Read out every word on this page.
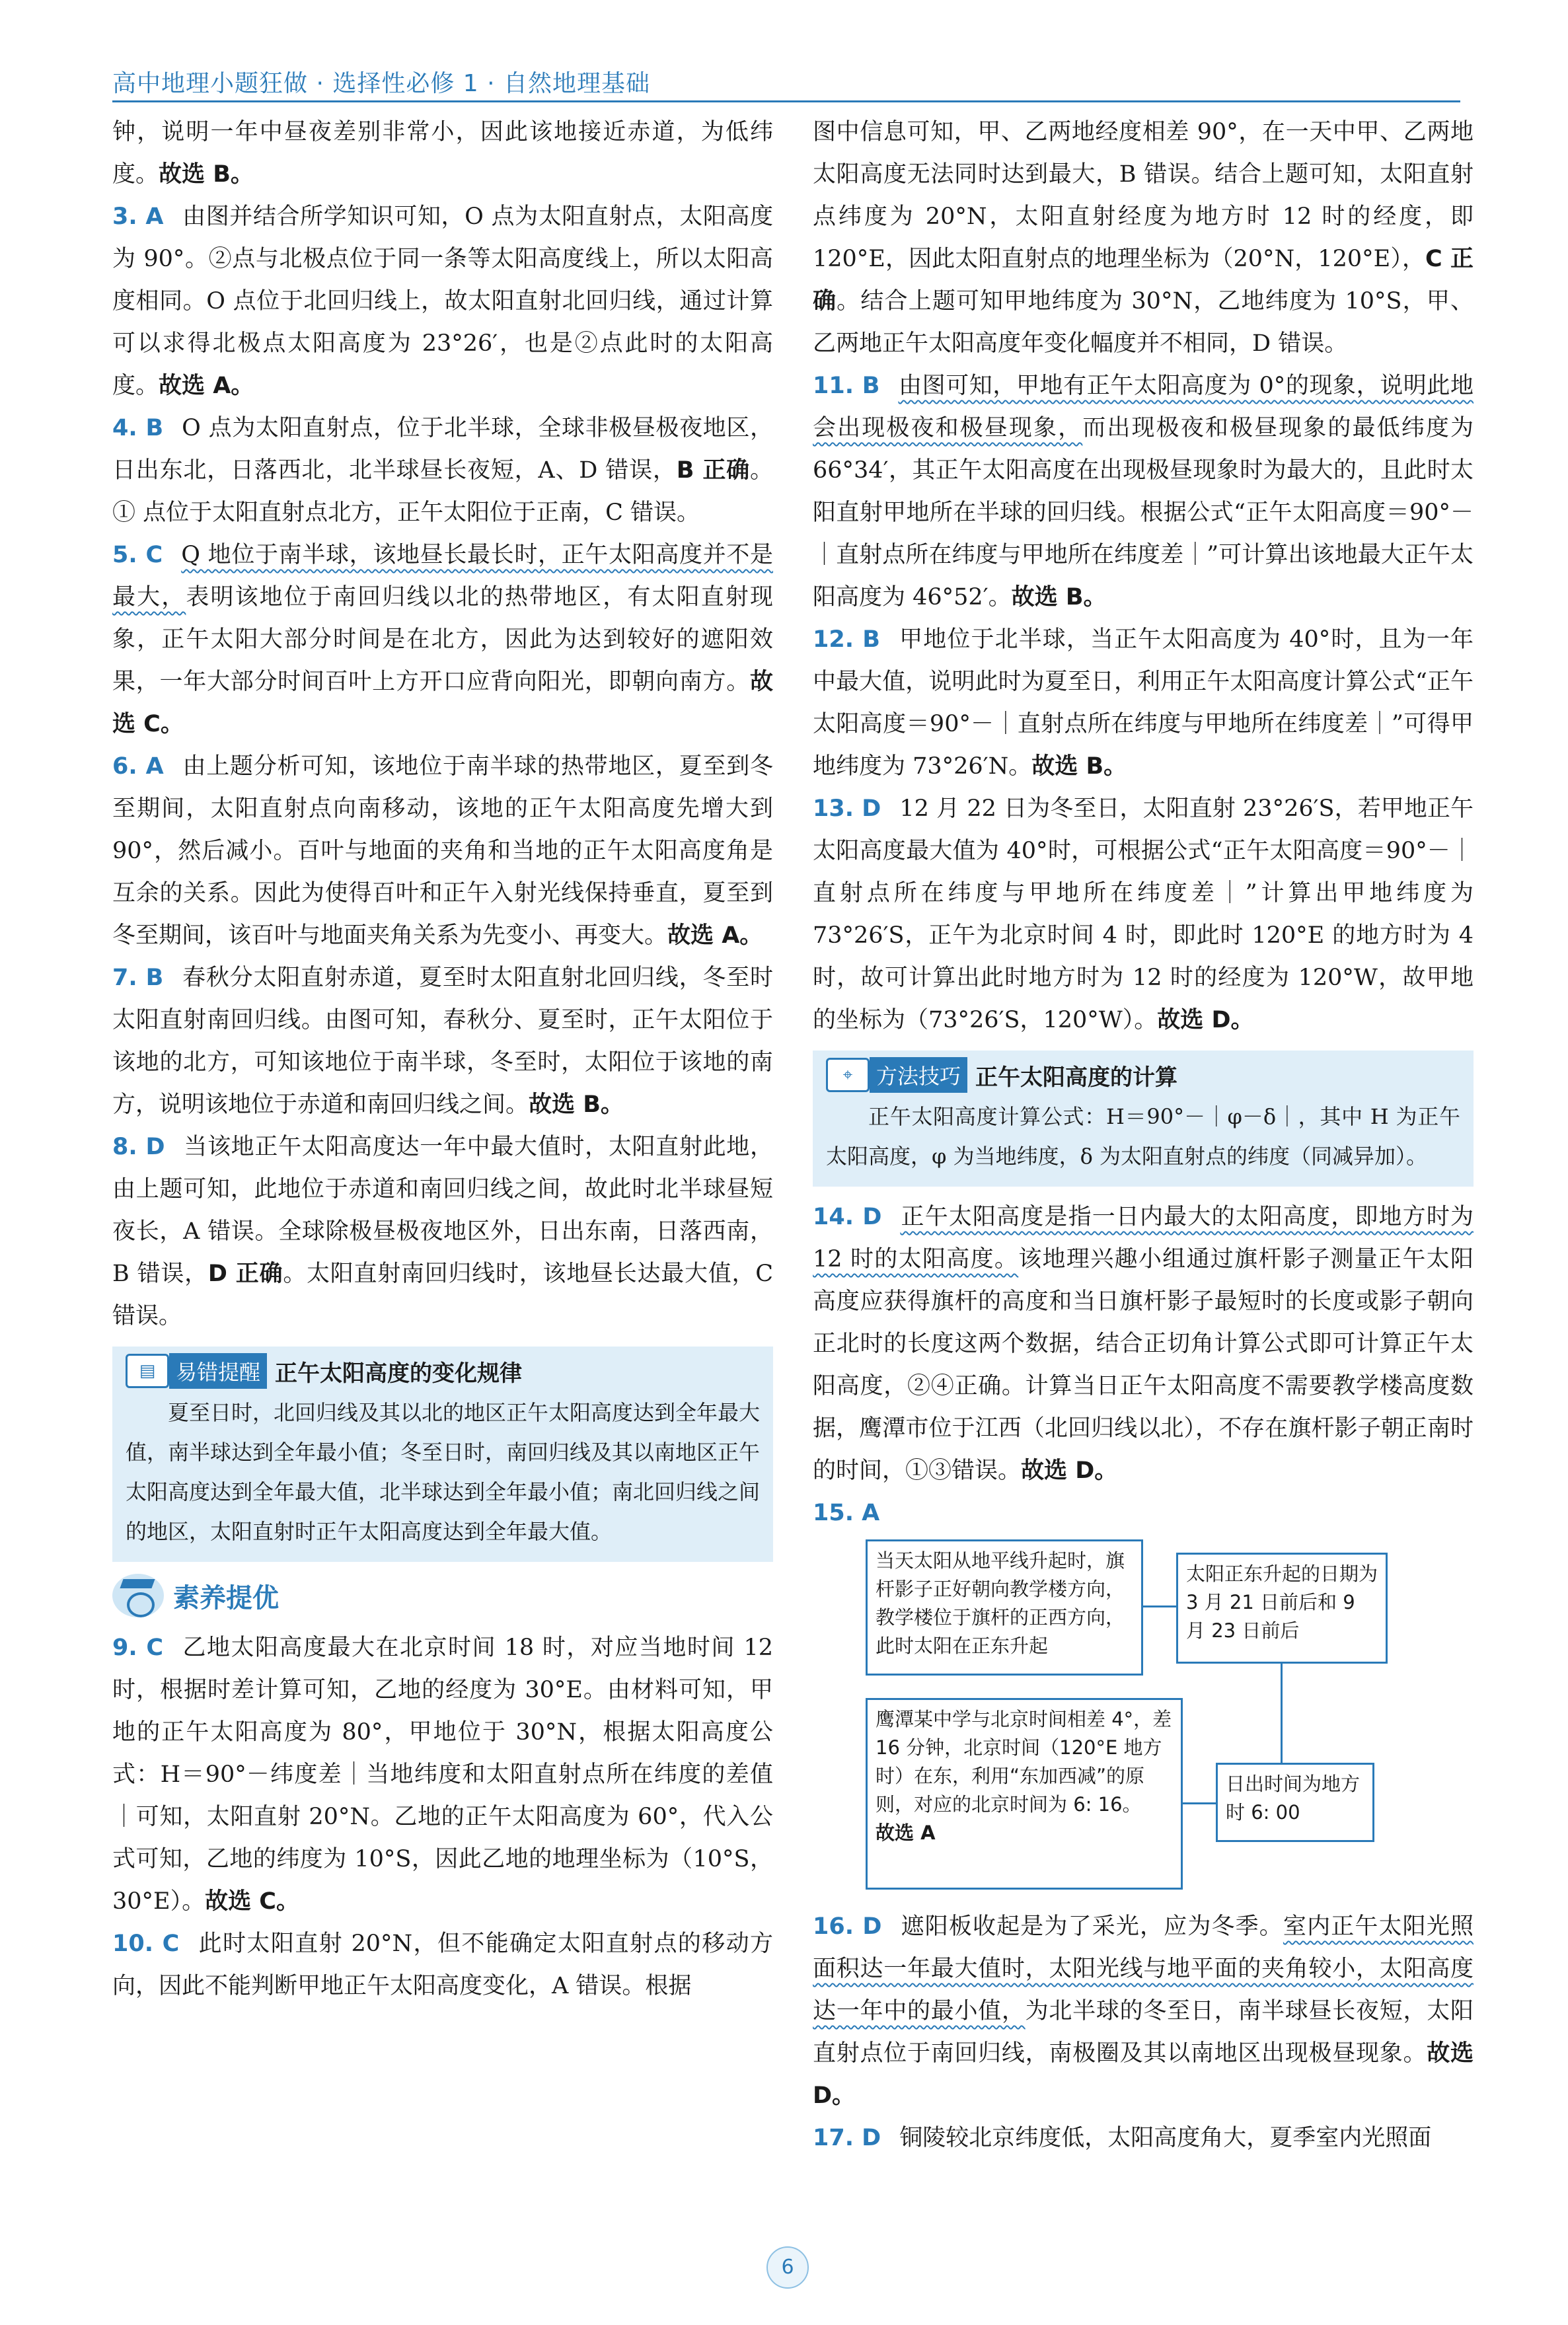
高中地理小题狂做 · 选择性必修 1 · 自然地理基础

钟，说明一年中昼夜差别非常小，因此该地接近赤道，为低纬度。故选 B。

3. A 由图并结合所学知识可知，O 点为太阳直射点，太阳高度为 90°。②点与北极点位于同一条等太阳高度线上，所以太阳高度相同。O 点位于北回归线上，故太阳直射北回归线，通过计算可以求得北极点太阳高度为 23°26′，也是②点此时的太阳高度。故选 A。

4. B O 点为太阳直射点，位于北半球，全球非极昼极夜地区，日出东北，日落西北，北半球昼长夜短，A、D 错误，B 正确。① 点位于太阳直射点北方，正午太阳位于正南，C 错误。

5. C Q 地位于南半球，该地昼长最长时，正午太阳高度并不是最大，表明该地位于南回归线以北的热带地区，有太阳直射现象，正午太阳大部分时间是在北方，因此为达到较好的遮阳效果，一年大部分时间百叶上方开口应背向阳光，即朝向南方。故选 C。

6. A 由上题分析可知，该地位于南半球的热带地区，夏至到冬至期间，太阳直射点向南移动，该地的正午太阳高度先增大到 90°，然后减小。百叶与地面的夹角和当地的正午太阳高度角是互余的关系。因此为使得百叶和正午入射光线保持垂直，夏至到冬至期间，该百叶与地面夹角关系为先变小、再变大。故选 A。

7. B 春秋分太阳直射赤道，夏至时太阳直射北回归线，冬至时太阳直射南回归线。由图可知，春秋分、夏至时，正午太阳位于该地的北方，可知该地位于南半球，冬至时，太阳位于该地的南方，说明该地位于赤道和南回归线之间。故选 B。

8. D 当该地正午太阳高度达一年中最大值时，太阳直射此地，由上题可知，此地位于赤道和南回归线之间，故此时北半球昼短夜长，A 错误。全球除极昼极夜地区外，日出东南，日落西南，B 错误，D 正确。太阳直射南回归线时，该地昼长达最大值，C 错误。

▤ 易错提醒 正午太阳高度的变化规律
夏至日时，北回归线及其以北的地区正午太阳高度达到全年最大值，南半球达到全年最小值；冬至日时，南回归线及其以南地区正午太阳高度达到全年最大值，北半球达到全年最小值；南北回归线之间的地区，太阳直射时正午太阳高度达到全年最大值。
素养提优

9. C 乙地太阳高度最大在北京时间 18 时，对应当地时间 12 时，根据时差计算可知，乙地的经度为 30°E。由材料可知，甲地的正午太阳高度为 80°，甲地位于 30°N，根据太阳高度公式：H＝90°－纬度差｜当地纬度和太阳直射点所在纬度的差值｜可知，太阳直射 20°N。乙地的正午太阳高度为 60°，代入公式可知，乙地的纬度为 10°S，因此乙地的地理坐标为（10°S，30°E）。故选 C。

10. C 此时太阳直射 20°N，但不能确定太阳直射点的移动方向，因此不能判断甲地正午太阳高度变化，A 错误。根据

图中信息可知，甲、乙两地经度相差 90°，在一天中甲、乙两地太阳高度无法同时达到最大，B 错误。结合上题可知，太阳直射点纬度为 20°N，太阳直射经度为地方时 12 时的经度，即 120°E，因此太阳直射点的地理坐标为（20°N，120°E），C 正确。结合上题可知甲地纬度为 30°N，乙地纬度为 10°S，甲、乙两地正午太阳高度年变化幅度并不相同，D 错误。

11. B 由图可知，甲地有正午太阳高度为 0°的现象，说明此地会出现极夜和极昼现象，而出现极夜和极昼现象的最低纬度为 66°34′，其正午太阳高度在出现极昼现象时为最大的，且此时太阳直射甲地所在半球的回归线。根据公式“正午太阳高度＝90°－｜直射点所在纬度与甲地所在纬度差｜”可计算出该地最大正午太阳高度为 46°52′。故选 B。

12. B 甲地位于北半球，当正午太阳高度为 40°时，且为一年中最大值，说明此时为夏至日，利用正午太阳高度计算公式“正午太阳高度＝90°－｜直射点所在纬度与甲地所在纬度差｜”可得甲地纬度为 73°26′N。故选 B。

13. D 12 月 22 日为冬至日，太阳直射 23°26′S，若甲地正午太阳高度最大值为 40°时，可根据公式“正午太阳高度＝90°－｜直射点所在纬度与甲地所在纬度差｜”计算出甲地纬度为 73°26′S，正午为北京时间 4 时，即此时 120°E 的地方时为 4 时，故可计算出此时地方时为 12 时的经度为 120°W，故甲地的坐标为（73°26′S，120°W）。故选 D。

⌖	方法技巧 正午太阳高度的计算
正午太阳高度计算公式：H＝90°－｜φ－δ｜，其中 H 为正午太阳高度，φ 为当地纬度，δ 为太阳直射点的纬度（同减异加）。

14. D 正午太阳高度是指一日内最大的太阳高度，即地方时为 12 时的太阳高度。该地理兴趣小组通过旗杆影子测量正午太阳高度应获得旗杆的高度和当日旗杆影子最短时的长度或影子朝向正北时的长度这两个数据，结合正切角计算公式即可计算正午太阳高度，②④正确。计算当日正午太阳高度不需要教学楼高度数据，鹰潭市位于江西（北回归线以北），不存在旗杆影子朝正南时的时间，①③错误。故选 D。

15. A

当天太阳从地平线升起时，旗杆影子正好朝向教学楼方向，教学楼位于旗杆的正西方向，此时太阳在正东升起
太阳正东升起的日期为 3 月 21 日前后和 9 月 23 日前后
日出时间为地方时 6: 00
鹰潭某中学与北京时间相差 4°，差 16 分钟，北京时间（120°E 地方时）在东，利用“东加西减”的原则，对应的北京时间为 6: 16。
故选 A

16. D 遮阳板收起是为了采光，应为冬季。室内正午太阳光照面积达一年最大值时，太阳光线与地平面的夹角较小，太阳高度达一年中的最小值，为北半球的冬至日，南半球昼长夜短，太阳直射点位于南回归线，南极圈及其以南地区出现极昼现象。故选 D。

17. D 铜陵较北京纬度低，太阳高度角大，夏季室内光照面

6
